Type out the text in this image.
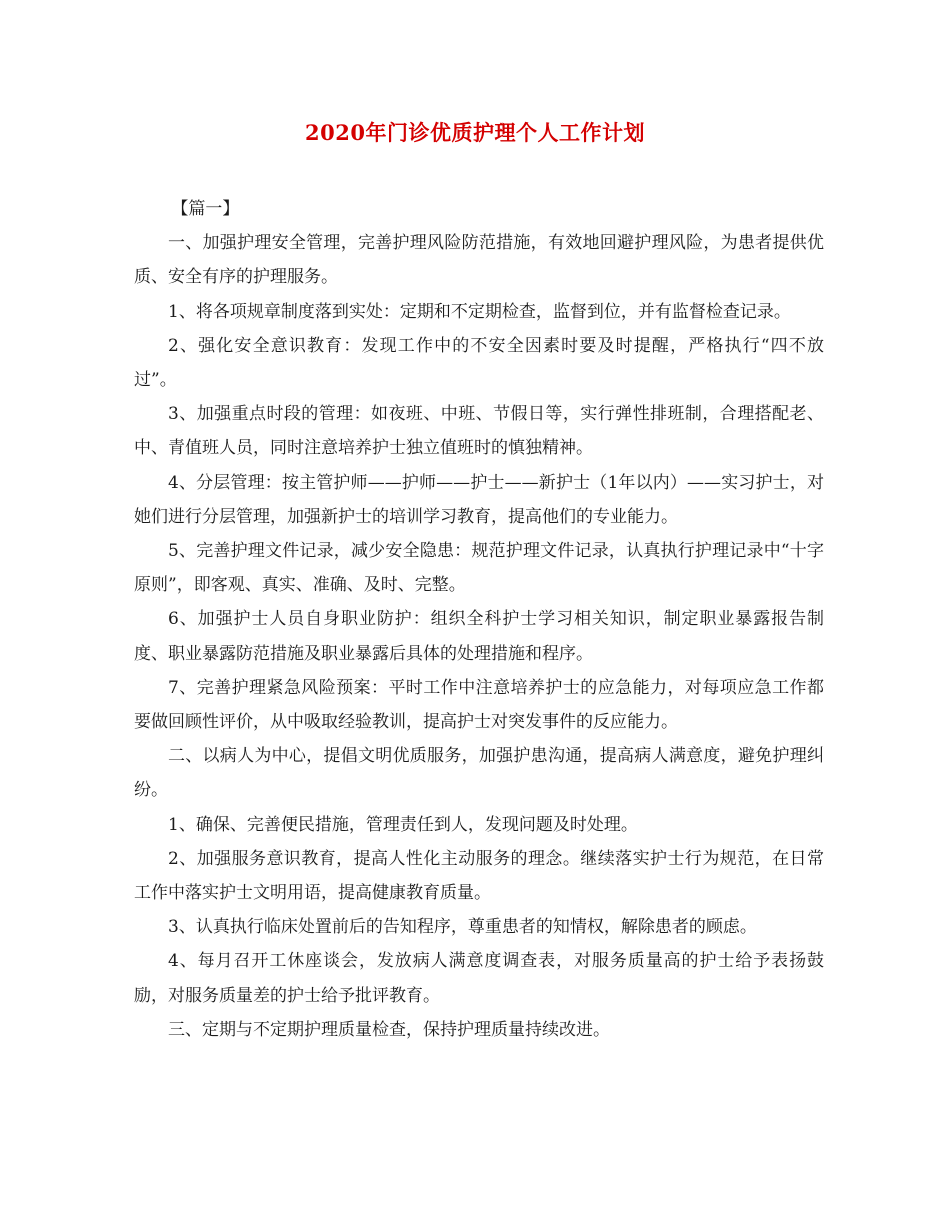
2020年门诊优质护理个人工作计划

【篇一】

一、加强护理安全管理，完善护理风险防范措施，有效地回避护理风险，为患者提供优质、安全有序的护理服务。

1、将各项规章制度落到实处：定期和不定期检查，监督到位，并有监督检查记录。

2、强化安全意识教育：发现工作中的不安全因素时要及时提醒，严格执行“四不放过”。

3、加强重点时段的管理：如夜班、中班、节假日等，实行弹性排班制，合理搭配老、中、青值班人员，同时注意培养护士独立值班时的慎独精神。

4、分层管理：按主管护师——护师——护士——新护士（1年以内）——实习护士，对她们进行分层管理，加强新护士的培训学习教育，提高他们的专业能力。

5、完善护理文件记录，减少安全隐患：规范护理文件记录，认真执行护理记录中“十字原则”，即客观、真实、准确、及时、完整。

6、加强护士人员自身职业防护：组织全科护士学习相关知识，制定职业暴露报告制度、职业暴露防范措施及职业暴露后具体的处理措施和程序。

7、完善护理紧急风险预案：平时工作中注意培养护士的应急能力，对每项应急工作都要做回顾性评价，从中吸取经验教训，提高护士对突发事件的反应能力。

二、以病人为中心，提倡文明优质服务，加强护患沟通，提高病人满意度，避免护理纠纷。

1、确保、完善便民措施，管理责任到人，发现问题及时处理。

2、加强服务意识教育，提高人性化主动服务的理念。继续落实护士行为规范，在日常工作中落实护士文明用语，提高健康教育质量。

3、认真执行临床处置前后的告知程序，尊重患者的知情权，解除患者的顾虑。

4、每月召开工休座谈会，发放病人满意度调查表，对服务质量高的护士给予表扬鼓励，对服务质量差的护士给予批评教育。

三、定期与不定期护理质量检查，保持护理质量持续改进。
